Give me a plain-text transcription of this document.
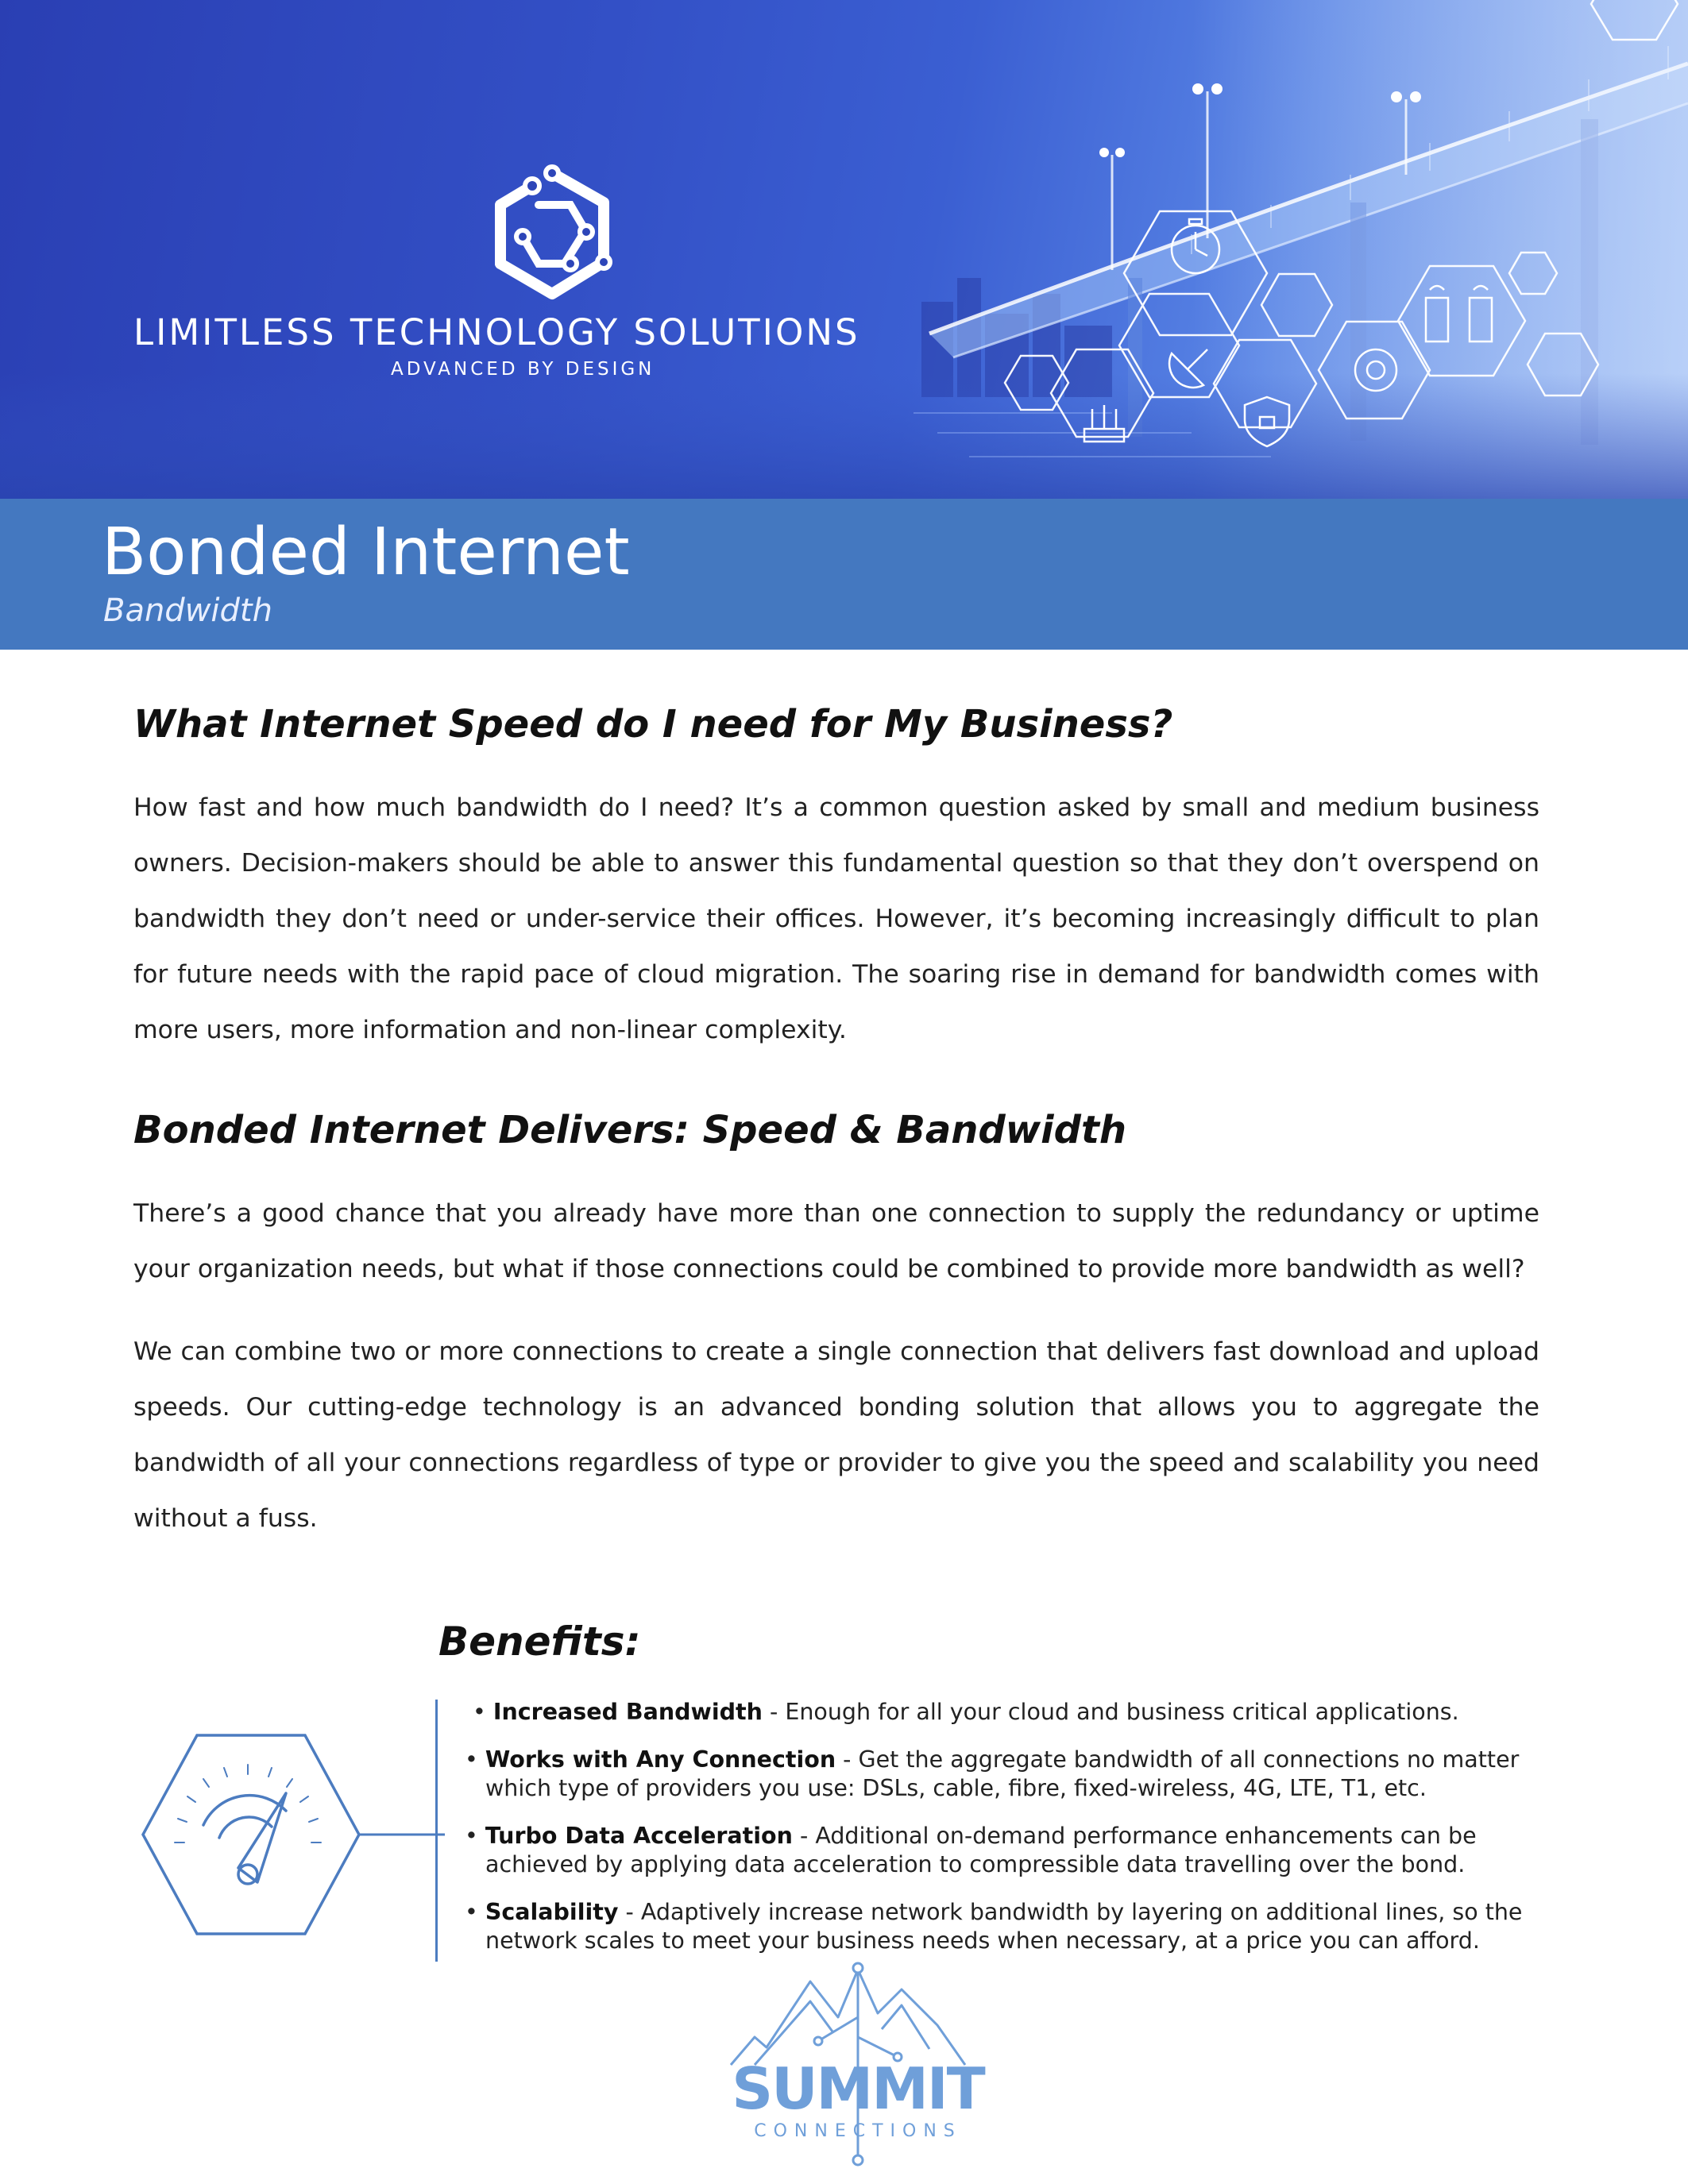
LIMITLESS TECHNOLOGY SOLUTIONS
ADVANCED BY DESIGN
Bonded Internet
Bandwidth
What Internet Speed do I need for My Business?

How fast and how much bandwidth do I need? It’s a common question asked by small and medium business owners. Decision-makers should be able to answer this fundamental question so that they don’t overspend on bandwidth they don’t need or under-service their offices. However, it’s becoming increasingly difficult to plan for future needs with the rapid pace of cloud migration. The soaring rise in demand for bandwidth comes with more users, more information and non-linear complexity.

Bonded Internet Delivers: Speed & Bandwidth

There’s a good chance that you already have more than one connection to supply the redundancy or uptime your organization needs, but what if those connections could be combined to provide more bandwidth as well?

We can combine two or more connections to create a single connection that delivers fast download and upload speeds. Our cutting-edge technology is an advanced bonding solution that allows you to aggregate the bandwidth of all your connections regardless of type or provider to give you the speed and scalability you need without a fuss.

Benefits:
• Increased Bandwidth - Enough for all your cloud and business critical applications.
• Works with Any Connection - Get the aggregate bandwidth of all connections no matter which type of providers you use: DSLs, cable, fibre, fixed-wireless, 4G, LTE, T1, etc.
• Turbo Data Acceleration - Additional on-demand performance enhancements can be achieved by applying data acceleration to compressible data travelling over the bond.
• Scalability - Adaptively increase network bandwidth by layering on additional lines, so the network scales to meet your business needs when necessary, at a price you can afford.
SUMMIT
CONNECTIONS
